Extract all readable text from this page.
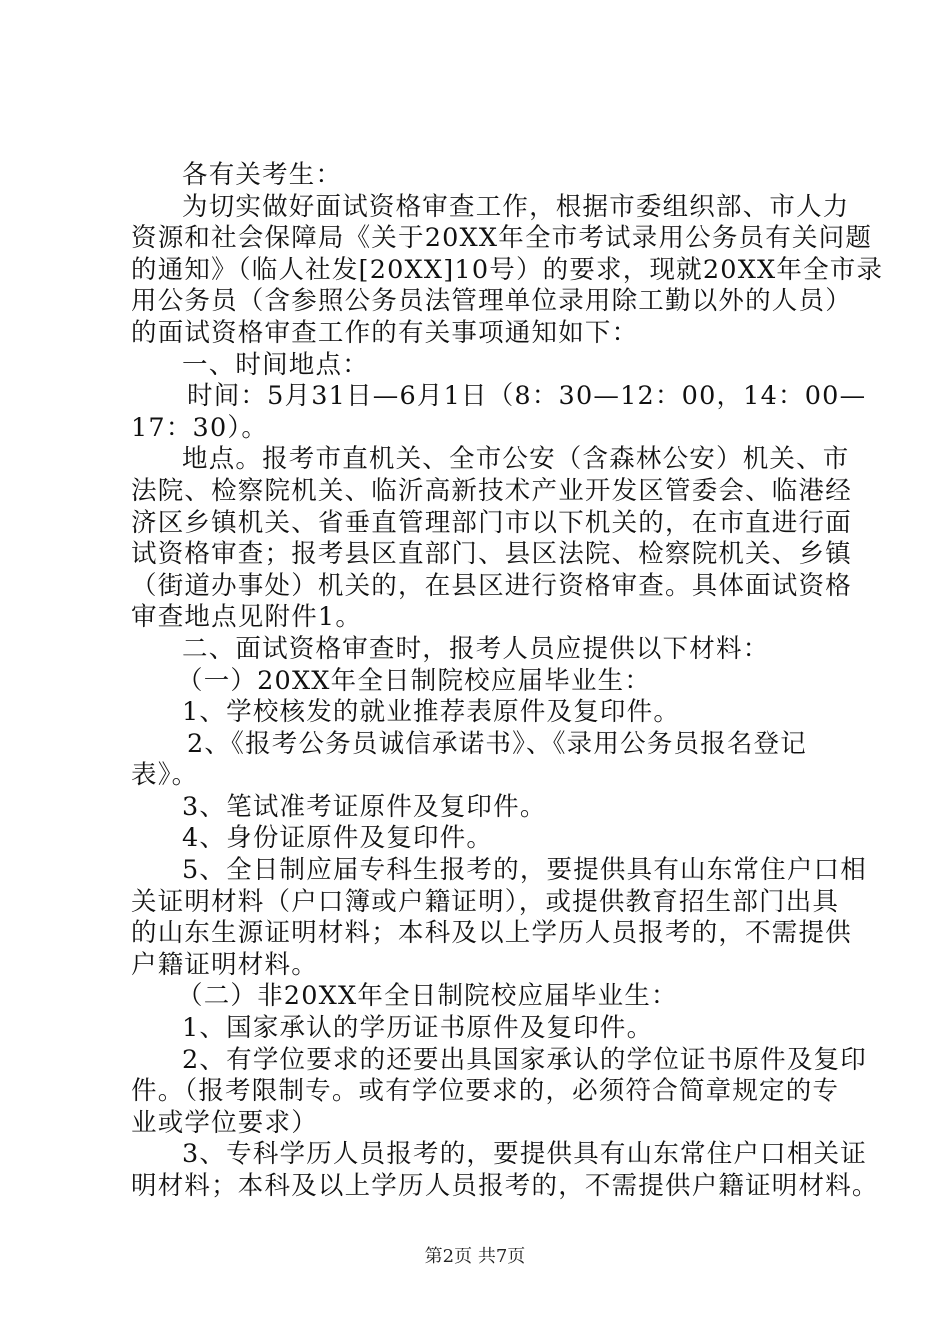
各有关考生：
为切实做好面试资格审查工作，根据市委组织部、市人力
资源和社会保障局《关于20XX年全市考试录用公务员有关问题
的通知》（临人社发[20XX]10号）的要求，现就20XX年全市录
用公务员（含参照公务员法管理单位录用除工勤以外的人员）
的面试资格审查工作的有关事项通知如下：
一、时间地点：
时间：5月31日—6月1日（8：30—12：00，14：00—
17：30）。
地点。报考市直机关、全市公安（含森林公安）机关、市
法院、检察院机关、临沂高新技术产业开发区管委会、临港经
济区乡镇机关、省垂直管理部门市以下机关的，在市直进行面
试资格审查；报考县区直部门、县区法院、检察院机关、乡镇
（街道办事处）机关的，在县区进行资格审查。具体面试资格
审查地点见附件1。
二、面试资格审查时，报考人员应提供以下材料：
（一）20XX年全日制院校应届毕业生：
1、学校核发的就业推荐表原件及复印件。
2、《报考公务员诚信承诺书》、《录用公务员报名登记
表》。
3、笔试准考证原件及复印件。
4、身份证原件及复印件。
5、全日制应届专科生报考的，要提供具有山东常住户口相
关证明材料（户口簿或户籍证明），或提供教育招生部门出具
的山东生源证明材料；本科及以上学历人员报考的，不需提供
户籍证明材料。
（二）非20XX年全日制院校应届毕业生：
1、国家承认的学历证书原件及复印件。
2、有学位要求的还要出具国家承认的学位证书原件及复印
件。（报考限制专。或有学位要求的，必须符合简章规定的专
业或学位要求）
3、专科学历人员报考的，要提供具有山东常住户口相关证
明材料；本科及以上学历人员报考的，不需提供户籍证明材料。
第2页 共7页
